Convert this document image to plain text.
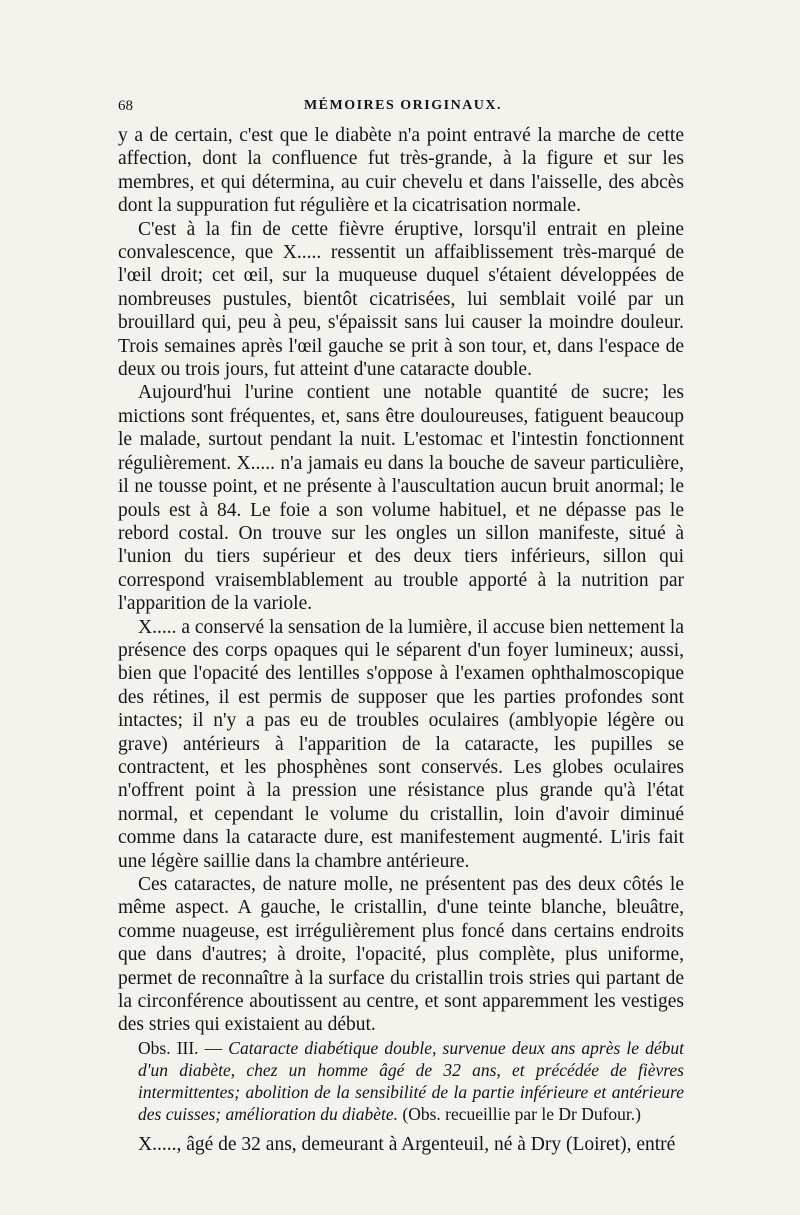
68	MÉMOIRES ORIGINAUX.

y a de certain, c'est que le diabète n'a point entravé la marche de cette affection, dont la confluence fut très-grande, à la figure et sur les membres, et qui détermina, au cuir chevelu et dans l'aisselle, des abcès dont la suppuration fut régulière et la cicatrisation normale.

C'est à la fin de cette fièvre éruptive, lorsqu'il entrait en pleine convalescence, que X..... ressentit un affaiblissement très-marqué de l'œil droit; cet œil, sur la muqueuse duquel s'étaient développées de nombreuses pustules, bientôt cicatrisées, lui semblait voilé par un brouillard qui, peu à peu, s'épaissit sans lui causer la moindre douleur. Trois semaines après l'œil gauche se prit à son tour, et, dans l'espace de deux ou trois jours, fut atteint d'une cataracte double.

Aujourd'hui l'urine contient une notable quantité de sucre; les mictions sont fréquentes, et, sans être douloureuses, fatiguent beaucoup le malade, surtout pendant la nuit. L'estomac et l'intestin fonctionnent régulièrement. X..... n'a jamais eu dans la bouche de saveur particulière, il ne tousse point, et ne présente à l'auscultation aucun bruit anormal; le pouls est à 84. Le foie a son volume habituel, et ne dépasse pas le rebord costal. On trouve sur les ongles un sillon manifeste, situé à l'union du tiers supérieur et des deux tiers inférieurs, sillon qui correspond vraisemblablement au trouble apporté à la nutrition par l'apparition de la variole.

X..... a conservé la sensation de la lumière, il accuse bien nettement la présence des corps opaques qui le séparent d'un foyer lumineux; aussi, bien que l'opacité des lentilles s'oppose à l'examen ophthalmoscopique des rétines, il est permis de supposer que les parties profondes sont intactes; il n'y a pas eu de troubles oculaires (amblyopie légère ou grave) antérieurs à l'apparition de la cataracte, les pupilles se contractent, et les phosphènes sont conservés. Les globes oculaires n'offrent point à la pression une résistance plus grande qu'à l'état normal, et cependant le volume du cristallin, loin d'avoir diminué comme dans la cataracte dure, est manifestement augmenté. L'iris fait une légère saillie dans la chambre antérieure.

Ces cataractes, de nature molle, ne présentent pas des deux côtés le même aspect. A gauche, le cristallin, d'une teinte blanche, bleuâtre, comme nuageuse, est irrégulièrement plus foncé dans certains endroits que dans d'autres; à droite, l'opacité, plus complète, plus uniforme, permet de reconnaître à la surface du cristallin trois stries qui partant de la circonférence aboutissent au centre, et sont apparemment les vestiges des stries qui existaient au début.

Obs. III. — Cataracte diabétique double, survenue deux ans après le début d'un diabète, chez un homme âgé de 32 ans, et précédée de fièvres intermittentes; abolition de la sensibilité de la partie inférieure et antérieure des cuisses; amélioration du diabète. (Obs. recueillie par le Dr Dufour.)

X....., âgé de 32 ans, demeurant à Argenteuil, né à Dry (Loiret), entré
